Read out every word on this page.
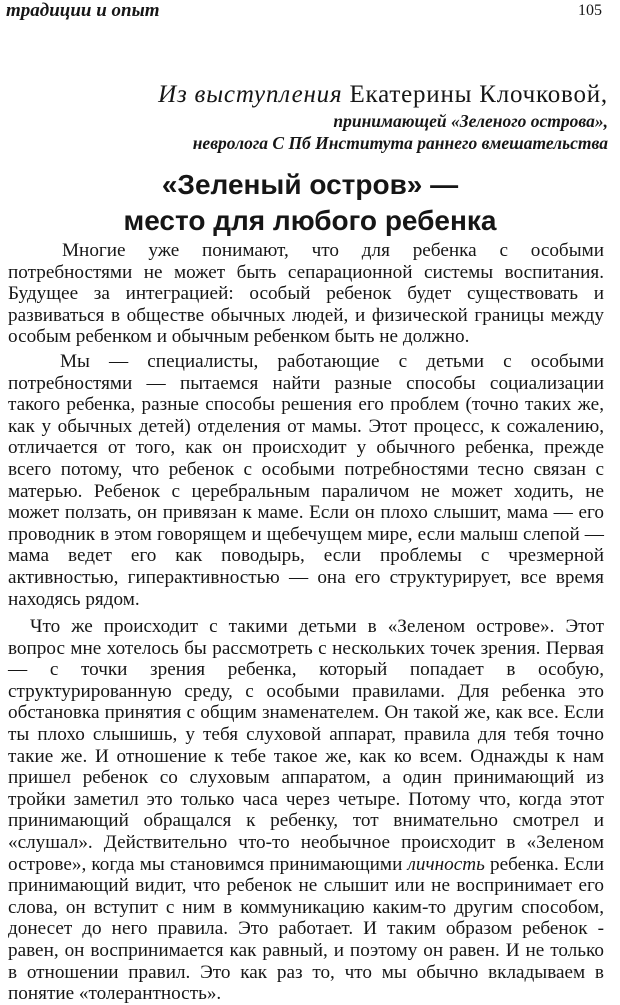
традиции и опыт	105
Из выступления Екатерины Клочковой,
принимающей «Зеленого острова»,
невролога С Пб Института раннего вмешательства
«Зеленый остров» —
место для любого ребенка

Многие уже понимают, что для ребенка с особыми потребностями не может быть сепарационной системы воспитания. Будущее за интеграцией: особый ребенок будет существовать и развиваться в обществе обычных людей, и физической границы между особым ребенком и обычным ребенком быть не должно.

Мы — специалисты, работающие с детьми с особыми потребностями — пытаемся найти разные способы социализации такого ребенка, разные способы решения его проблем (точно таких же, как у обычных детей) отделения от мамы. Этот процесс, к сожалению, отличается от того, как он происходит у обычного ребенка, прежде всего потому, что ребенок с особыми потребностями тесно связан с матерью. Ребенок с церебральным параличом не может ходить, не может ползать, он привязан к маме. Если он плохо слышит, мама — его проводник в этом говорящем и щебечущем мире, если малыш слепой — мама ведет его как поводырь, если проблемы с чрезмерной активностью, гиперактивностью — она его структурирует, все время находясь рядом.

Что же происходит с такими детьми в «Зеленом острове». Этот вопрос мне хотелось бы рассмотреть с нескольких точек зрения. Первая — с точки зрения ребенка, который попадает в особую, структурированную среду, с особыми правилами. Для ребенка это обстановка принятия с общим знаменателем. Он такой же, как все. Если ты плохо слышишь, у тебя слуховой аппарат, правила для тебя точно такие же. И отношение к тебе такое же, как ко всем. Однажды к нам пришел ребенок со слуховым аппаратом, а один принимающий из тройки заметил это только часа через четыре. Потому что, когда этот принимающий обращался к ребенку, тот внимательно смотрел и «слушал». Действительно что-то необычное происходит в «Зеленом острове», когда мы становимся принимающими личность ребенка. Если принимающий видит, что ребенок не слышит или не воспринимает его слова, он вступит с ним в коммуникацию каким-то другим способом, донесет до него правила. Это работает. И таким образом ребенок - равен, он воспринимается как равный, и поэтому он равен. И не только в отношении правил. Это как раз то, что мы обычно вкладываем в понятие «толерантность».
